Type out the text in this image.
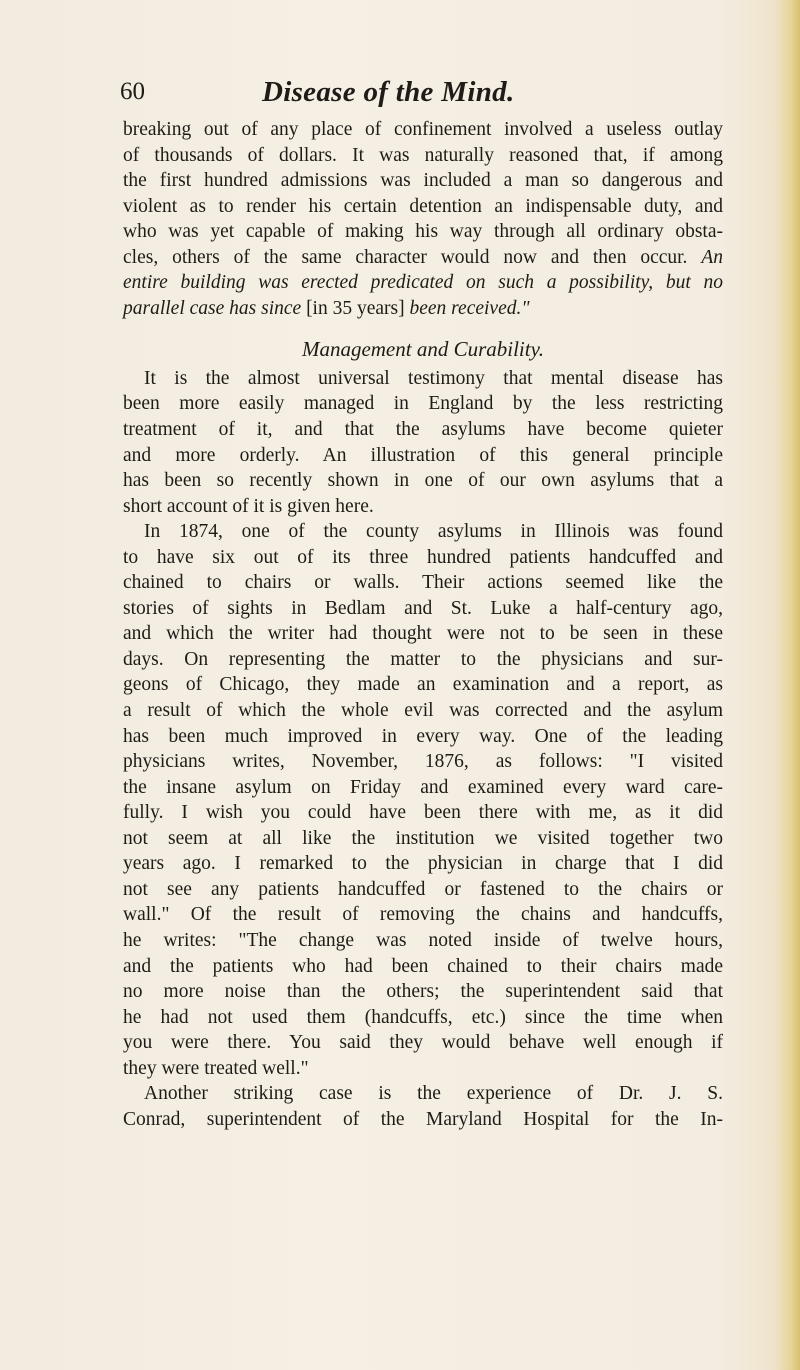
60	Disease of the Mind.
breaking out of any place of confinement involved a useless outlay
of thousands of dollars. It was naturally reasoned that, if among
the first hundred admissions was included a man so dangerous and
violent as to render his certain detention an indispensable duty, and
who was yet capable of making his way through all ordinary obsta-
cles, others of the same character would now and then occur. An
entire building was erected predicated on such a possibility, but no
parallel case has since [in 35 years] been received."
Management and Curability.
It is the almost universal testimony that mental disease has
been more easily managed in England by the less restricting
treatment of it, and that the asylums have become quieter
and more orderly. An illustration of this general principle
has been so recently shown in one of our own asylums that a
short account of it is given here.
In 1874, one of the county asylums in Illinois was found
to have six out of its three hundred patients handcuffed and
chained to chairs or walls. Their actions seemed like the
stories of sights in Bedlam and St. Luke a half-century ago,
and which the writer had thought were not to be seen in these
days. On representing the matter to the physicians and sur-
geons of Chicago, they made an examination and a report, as
a result of which the whole evil was corrected and the asylum
has been much improved in every way. One of the leading
physicians writes, November, 1876, as follows: "I visited
the insane asylum on Friday and examined every ward care-
fully. I wish you could have been there with me, as it did
not seem at all like the institution we visited together two
years ago. I remarked to the physician in charge that I did
not see any patients handcuffed or fastened to the chairs or
wall." Of the result of removing the chains and handcuffs,
he writes: "The change was noted inside of twelve hours,
and the patients who had been chained to their chairs made
no more noise than the others; the superintendent said that
he had not used them (handcuffs, etc.) since the time when
you were there. You said they would behave well enough if
they were treated well."
Another striking case is the experience of Dr. J. S.
Conrad, superintendent of the Maryland Hospital for the In-
